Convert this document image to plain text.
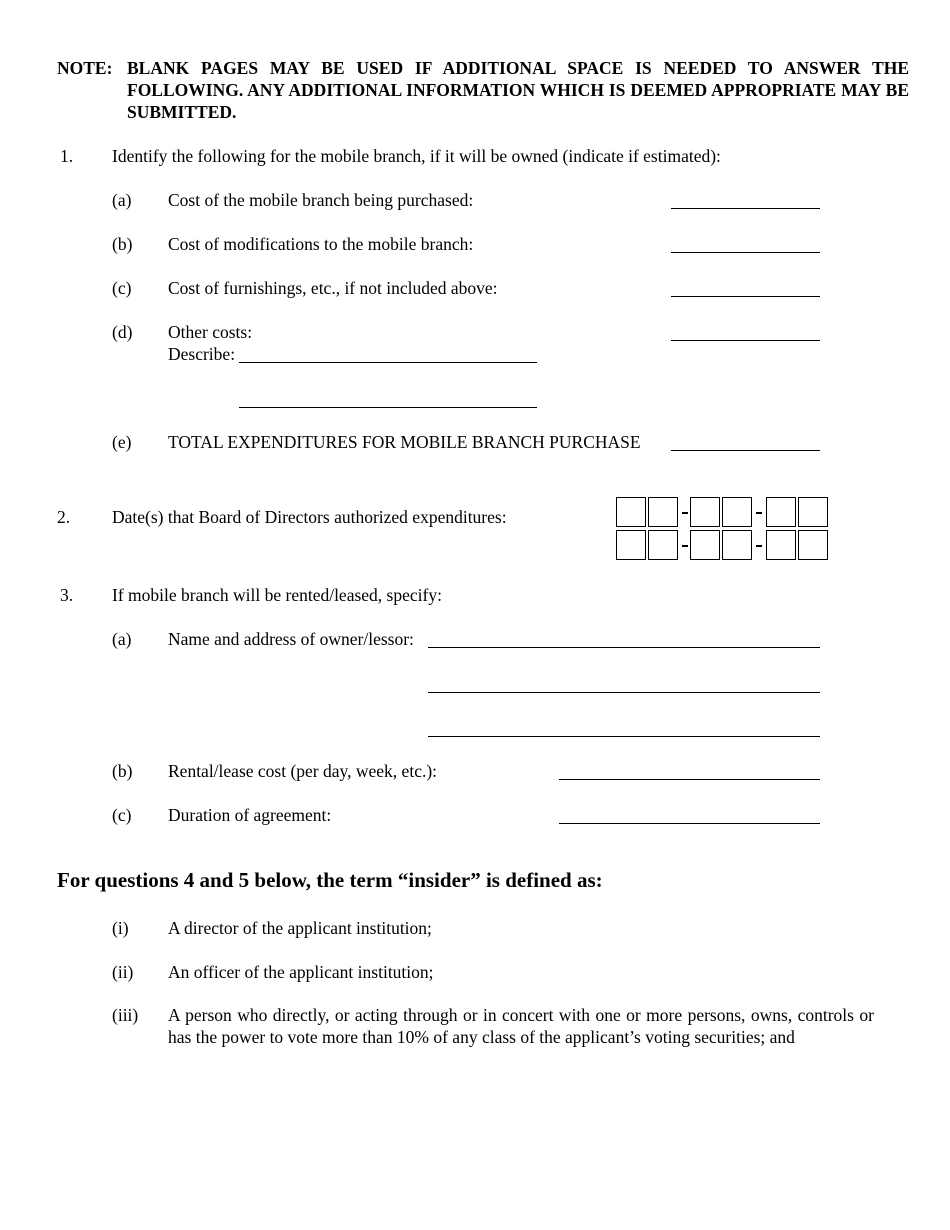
NOTE: BLANK PAGES MAY BE USED IF ADDITIONAL SPACE IS NEEDED TO ANSWER THE FOLLOWING. ANY ADDITIONAL INFORMATION WHICH IS DEEMED APPROPRIATE MAY BE SUBMITTED.
1. Identify the following for the mobile branch, if it will be owned (indicate if estimated):
(a) Cost of the mobile branch being purchased:
(b) Cost of modifications to the mobile branch:
(c) Cost of furnishings, etc., if not included above:
(d) Other costs:
Describe:
(e) TOTAL EXPENDITURES FOR MOBILE BRANCH PURCHASE
2. Date(s) that Board of Directors authorized expenditures:
3. If mobile branch will be rented/leased, specify:
(a) Name and address of owner/lessor:
(b) Rental/lease cost (per day, week, etc.):
(c) Duration of agreement:
For questions 4 and 5 below, the term “insider” is defined as:
(i) A director of the applicant institution;
(ii) An officer of the applicant institution;
(iii) A person who directly, or acting through or in concert with one or more persons, owns, controls or has the power to vote more than 10% of any class of the applicant’s voting securities; and
